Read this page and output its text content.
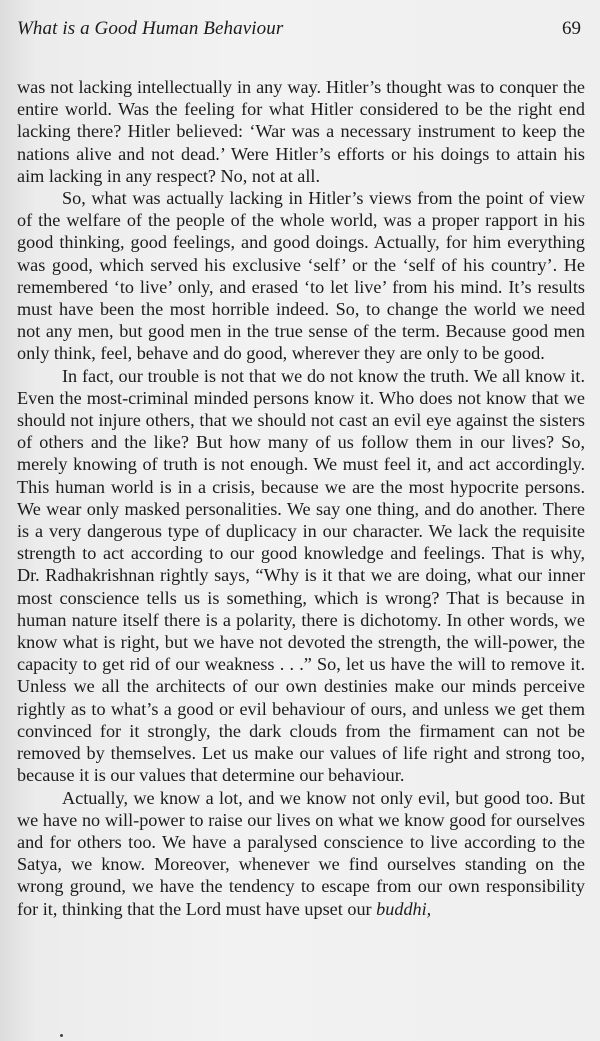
What is a Good Human Behaviour	69

was not lacking intellectually in any way. Hitler’s thought was to conquer the entire world. Was the feeling for what Hitler considered to be the right end lacking there? Hitler believed: ‘War was a necessary instrument to keep the nations alive and not dead.’ Were Hitler’s efforts or his doings to attain his aim lacking in any respect? No, not at all.

So, what was actually lacking in Hitler’s views from the point of view of the welfare of the people of the whole world, was a proper rapport in his good thinking, good feelings, and good doings. Actually, for him everything was good, which served his exclusive ‘self’ or the ‘self of his country’. He remembered ‘to live’ only, and erased ‘to let live’ from his mind. It’s results must have been the most horrible indeed. So, to change the world we need not any men, but good men in the true sense of the term. Because good men only think, feel, behave and do good, wherever they are only to be good.

In fact, our trouble is not that we do not know the truth. We all know it. Even the most-criminal minded persons know it. Who does not know that we should not injure others, that we should not cast an evil eye against the sisters of others and the like? But how many of us follow them in our lives? So, merely knowing of truth is not enough. We must feel it, and act accordingly. This human world is in a crisis, because we are the most hypocrite persons. We wear only masked personalities. We say one thing, and do another. There is a very dangerous type of duplicacy in our character. We lack the requisite strength to act according to our good knowledge and feelings. That is why, Dr. Radhakrishnan rightly says, “Why is it that we are doing, what our inner most conscience tells us is something, which is wrong? That is because in human nature itself there is a polarity, there is dichotomy. In other words, we know what is right, but we have not devoted the strength, the will-power, the capacity to get rid of our weakness . . .” So, let us have the will to remove it. Unless we all the architects of our own destinies make our minds perceive rightly as to what’s a good or evil behaviour of ours, and unless we get them convinced for it strongly, the dark clouds from the firmament can not be removed by themselves. Let us make our values of life right and strong too, because it is our values that determine our behaviour.

Actually, we know a lot, and we know not only evil, but good too. But we have no will-power to raise our lives on what we know good for ourselves and for others too. We have a paralysed conscience to live according to the Satya, we know. Moreover, whenever we find ourselves standing on the wrong ground, we have the tendency to escape from our own responsibility for it, thinking that the Lord must have upset our buddhi,
